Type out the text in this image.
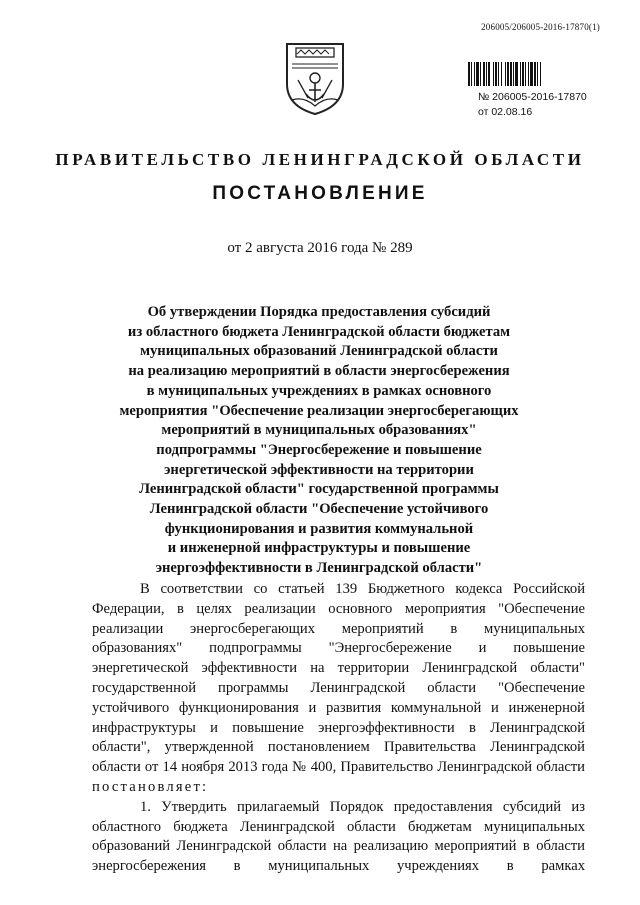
206005/206005-2016-17870(1)
№ 206005-2016-17870
от 02.08.16
ПРАВИТЕЛЬСТВО ЛЕНИНГРАДСКОЙ ОБЛАСТИ
ПОСТАНОВЛЕНИЕ
от 2 августа 2016 года № 289
Об утверждении Порядка предоставления субсидий
из областного бюджета Ленинградской области бюджетам
муниципальных образований Ленинградской области
на реализацию мероприятий в области энергосбережения
в муниципальных учреждениях в рамках основного
мероприятия "Обеспечение реализации энергосберегающих
мероприятий в муниципальных образованиях"
подпрограммы "Энергосбережение и повышение
энергетической эффективности на территории
Ленинградской области" государственной программы
Ленинградской области "Обеспечение устойчивого
функционирования и развития коммунальной
и инженерной инфраструктуры и повышение
энергоэффективности в Ленинградской области"

В соответствии со статьей 139 Бюджетного кодекса Российской Федерации, в целях реализации основного мероприятия "Обеспечение реализации энергосберегающих мероприятий в муниципальных образованиях" подпрограммы "Энергосбережение и повышение энергетической эффективности на территории Ленинградской области" государственной программы Ленинградской области "Обеспечение устойчивого функционирования и развития коммунальной и инженерной инфраструктуры и повышение энергоэффективности в Ленинградской области", утвержденной постановлением Правительства Ленинградской области от 14 ноября 2013 года № 400, Правительство Ленинградской области постановляет:

1. Утвердить прилагаемый Порядок предоставления субсидий из областного бюджета Ленинградской области бюджетам муниципальных образований Ленинградской области на реализацию мероприятий в области энергосбережения в муниципальных учреждениях в рамках
